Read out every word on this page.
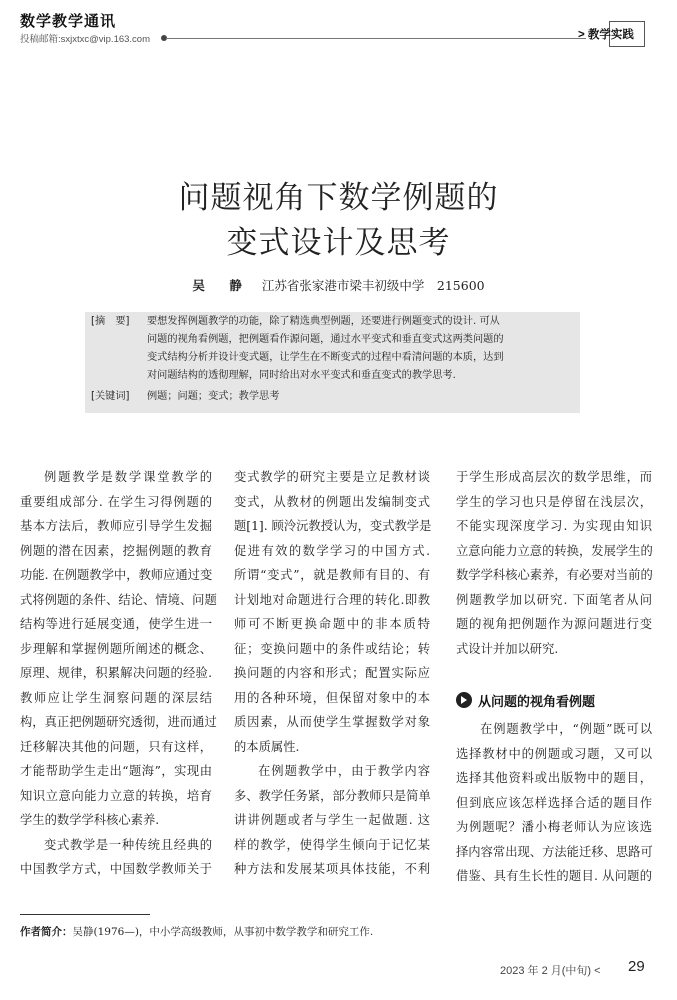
数学教学通讯
投稿邮箱:sxjxtxc@vip.163.com	> 教学实践
问题视角下数学例题的
变式设计及思考
吴　静 江苏省张家港市梁丰初级中学　215600
[摘　要] 要想发挥例题教学的功能，除了精选典型例题，还要进行例题变式的设计. 可从
问题的视角看例题，把例题看作源问题，通过水平变式和垂直变式这两类问题的
变式结构分析并设计变式题，让学生在不断变式的过程中看清问题的本质，达到
对问题结构的透彻理解，同时给出对水平变式和垂直变式的教学思考.
[关键词] 例题；问题；变式；教学思考
例题教学是数学课堂教学的
重要组成部分. 在学生习得例题的
基本方法后，教师应引导学生发掘
例题的潜在因素，挖掘例题的教育
功能. 在例题教学中，教师应通过变
式将例题的条件、结论、情境、问题
结构等进行延展变通，使学生进一
步理解和掌握例题所阐述的概念、
原理、规律，积累解决问题的经验.
教师应让学生洞察问题的深层结
构，真正把例题研究透彻，进而通过
迁移解决其他的问题，只有这样，
才能帮助学生走出“题海”，实现由
知识立意向能力立意的转换，培育
学生的数学学科核心素养.
变式教学是一种传统且经典的
中国教学方式，中国数学教师关于
变式教学的研究主要是立足教材谈
变式，从教材的例题出发编制变式
题[1]. 顾泠沅教授认为，变式教学是
促进有效的数学学习的中国方式.
所谓“变式”，就是教师有目的、有
计划地对命题进行合理的转化.即教
师可不断更换命题中的非本质特
征；变换问题中的条件或结论；转
换问题的内容和形式；配置实际应
用的各种环境，但保留对象中的本
质因素，从而使学生掌握数学对象
的本质属性.
在例题教学中，由于教学内容
多、教学任务紧，部分教师只是简单
讲讲例题或者与学生一起做题. 这
样的教学，使得学生倾向于记忆某
种方法和发展某项具体技能，不利
于学生形成高层次的数学思维，而
学生的学习也只是停留在浅层次，
不能实现深度学习. 为实现由知识
立意向能力立意的转换，发展学生的
数学学科核心素养，有必要对当前的
例题教学加以研究. 下面笔者从问
题的视角把例题作为源问题进行变
式设计并加以研究.
从问题的视角看例题
在例题教学中，“例题”既可以
选择教材中的例题或习题，又可以
选择其他资料或出版物中的题目，
但到底应该怎样选择合适的题目作
为例题呢？潘小梅老师认为应该选
择内容常出现、方法能迁移、思路可
借鉴、具有生长性的题目. 从问题的
作者简介：吴静(1976—)，中小学高级教师，从事初中数学教学和研究工作.
2023 年 2 月(中旬) < 29
